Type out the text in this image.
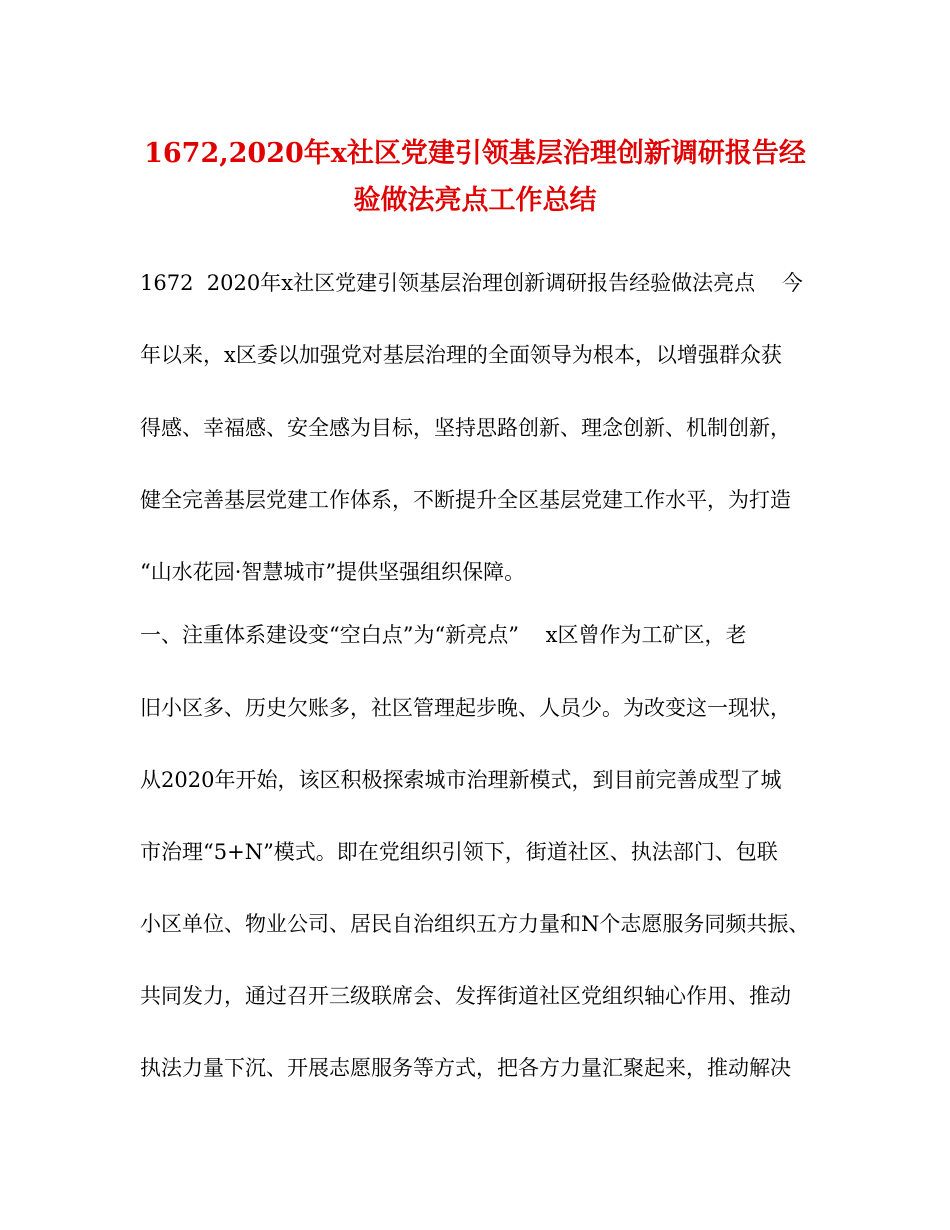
1672,2020年x社区党建引领基层治理创新调研报告经
验做法亮点工作总结
1672  2020年x社区党建引领基层治理创新调研报告经验做法亮点    今
年以来，x区委以加强党对基层治理的全面领导为根本，以增强群众获
得感、幸福感、安全感为目标，坚持思路创新、理念创新、机制创新，
健全完善基层党建工作体系，不断提升全区基层党建工作水平，为打造
“山水花园·智慧城市”提供坚强组织保障。
一、注重体系建设变“空白点”为“新亮点”    x区曾作为工矿区，老
旧小区多、历史欠账多，社区管理起步晚、人员少。为改变这一现状，
从2020年开始，该区积极探索城市治理新模式，到目前完善成型了城
市治理“5+N”模式。即在党组织引领下，街道社区、执法部门、包联
小区单位、物业公司、居民自治组织五方力量和N个志愿服务同频共振、
共同发力，通过召开三级联席会、发挥街道社区党组织轴心作用、推动
执法力量下沉、开展志愿服务等方式，把各方力量汇聚起来，推动解决
